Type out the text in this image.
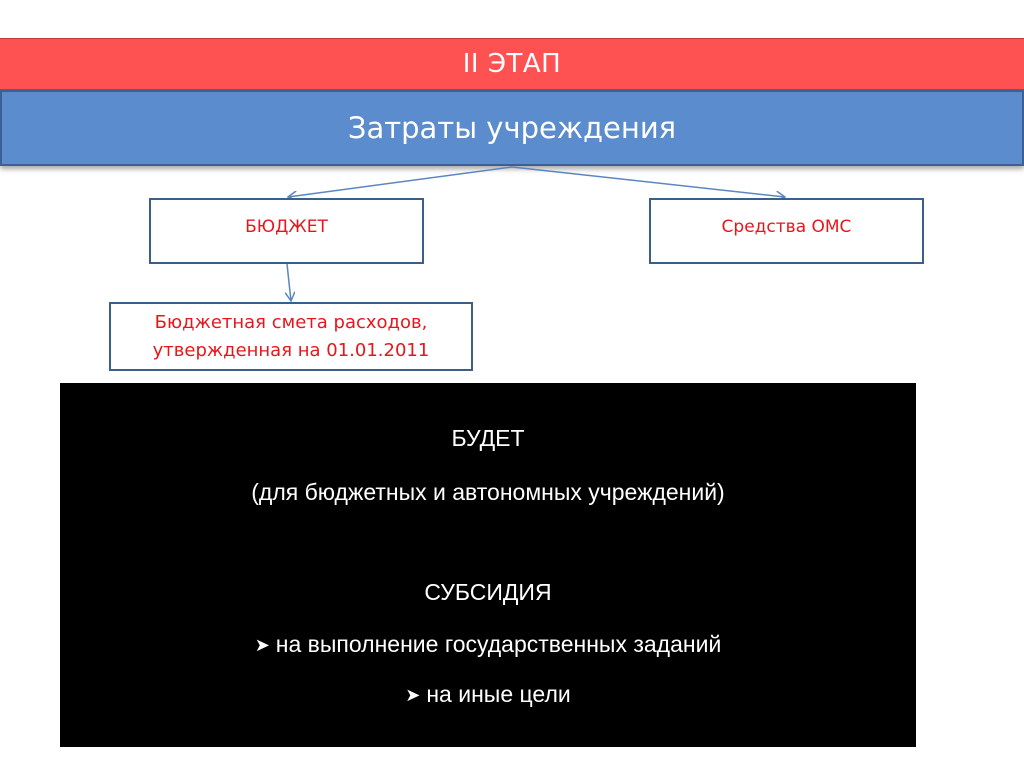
II ЭТАП
Затраты учреждения
БЮДЖЕТ	Средства ОМС
Бюджетная смета расходов,
утвержденная на 01.01.2011
БУДЕТ
(для бюджетных и автономных учреждений)
СУБСИДИЯ
➤ на выполнение государственных заданий
➤ на иные цели
